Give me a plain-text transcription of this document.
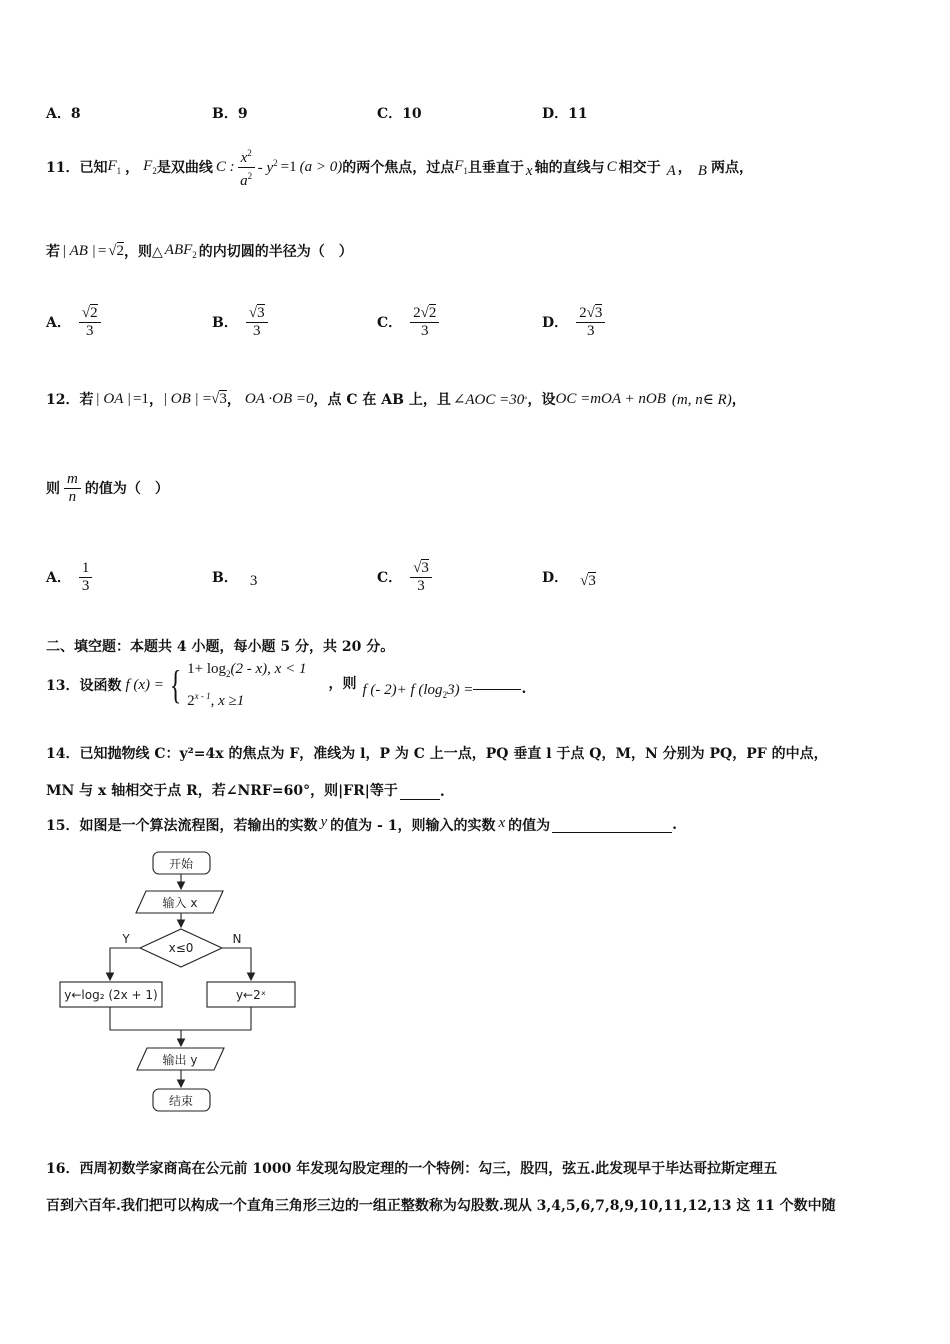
A．8	B．9	C．10	D．11
11． 已知 $F_1$ ， $F_2$ 是双曲线 C : $\frac{x^2}{a^2} - y^2 =1$ (a > 0) 的两个焦点，过点 $F_1$ 且垂直于 x 轴的直线与 C 相交于 A ， B 两点，
若 | AB | = √2 ，则△ $ABF_2$ 的内切圆的半径为（　）
A． $\frac{√2}{3}$	B． $\frac{√3}{3}$	C． $\frac{2√2}{3}$	D． $\frac{2√3}{3}$
12． 若 | OA | =1 ， | OB | = √3 ， OA ·OB =0 ，点 C 在 AB 上，且 ∠AOC =30 ° ，设 OC =mOA + nOB (m, n∈ R) ，
则 $\frac{m}{n}$ 的值为（　）
A． $\frac{1}{3}$	B． 3	C． $\frac{√3}{3}$	D． √3
二、填空题：本题共 4 小题，每小题 5 分，共 20 分。
13． 设函数 f (x) = { $1+ \log_2(2 - x)$, x < 1
2$^{x - 1}$, x ≥1
，则 f (- 2)+ f $(\log_23)$ =	.
14．已知抛物线 C：y²=4x 的焦点为 F，准线为 l，P 为 C 上一点，PQ 垂直 l 于点 Q，M，N 分别为 PQ，PF 的中点，
MN 与 x 轴相交于点 R，若∠NRF=60°，则|FR|等于	.
15．如图是一个算法流程图，若输出的实数 y 的值为 - 1，则输入的实数 x 的值为	.
开始
输入 x
x≤0
Y	N
y←log₂ (2x + 1)	y←2ˣ
输出 y
结束
16．西周初数学家商高在公元前 1000 年发现勾股定理的一个特例：勾三，股四，弦五.此发现早于毕达哥拉斯定理五
百到六百年.我们把可以构成一个直角三角形三边的一组正整数称为勾股数.现从 3,4,5,6,7,8,9,10,11,12,13 这 11 个数中随
